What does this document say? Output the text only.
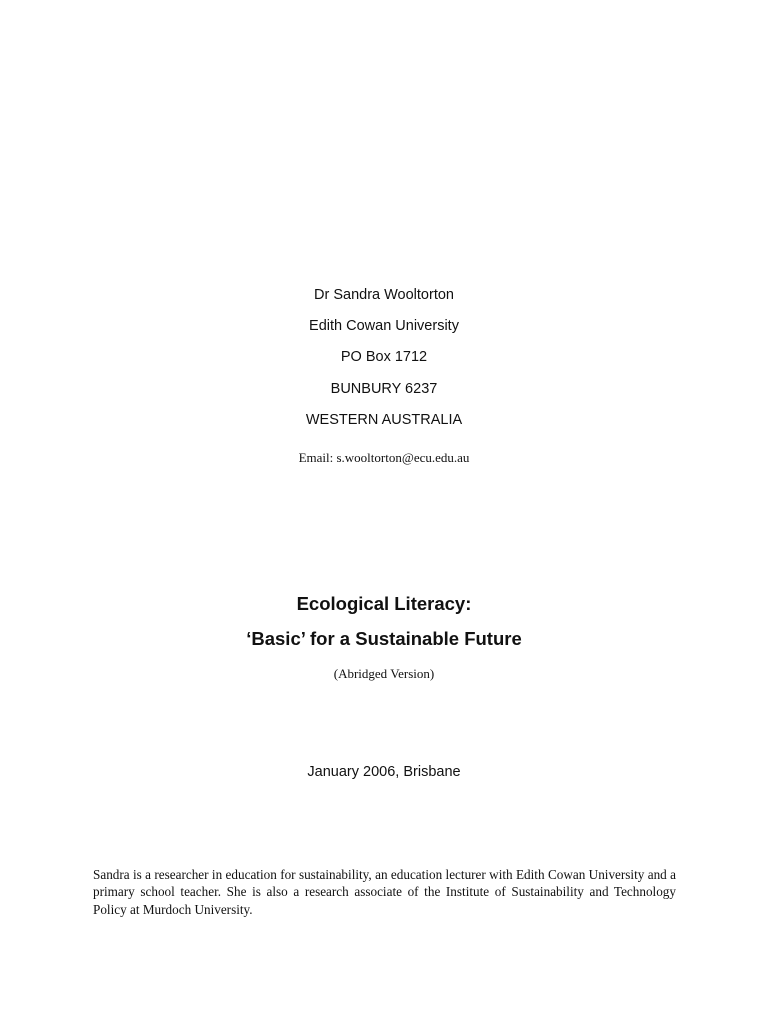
Dr Sandra Wooltorton
Edith Cowan University
PO Box 1712
BUNBURY 6237
WESTERN AUSTRALIA
Email: s.wooltorton@ecu.edu.au
Ecological Literacy:
‘Basic’ for a Sustainable Future
(Abridged Version)
January 2006, Brisbane

Sandra is a researcher in education for sustainability, an education lecturer with Edith Cowan University and a primary school teacher. She is also a research associate of the Institute of Sustainability and Technology Policy at Murdoch University.
